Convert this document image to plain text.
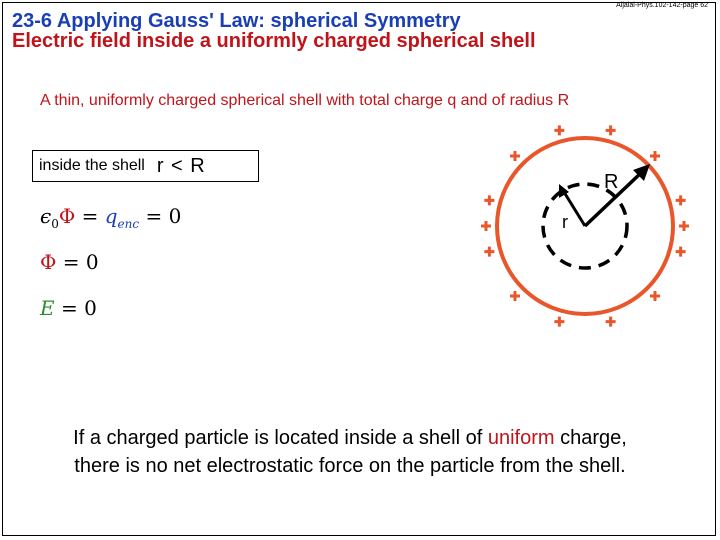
Aljalal-Phys.102-142-page 62
23-6 Applying Gauss' Law: spherical Symmetry
Electric field inside a uniformly charged spherical shell
A thin, uniformly charged spherical shell with total charge q and of radius R
inside the shell r < R
$\epsilon_0\Phi = q_{enc} = 0$
Φ = 0
E = 0
R
r
If a charged particle is located inside a shell of uniform charge, there is no net electrostatic force on the particle from the shell.
